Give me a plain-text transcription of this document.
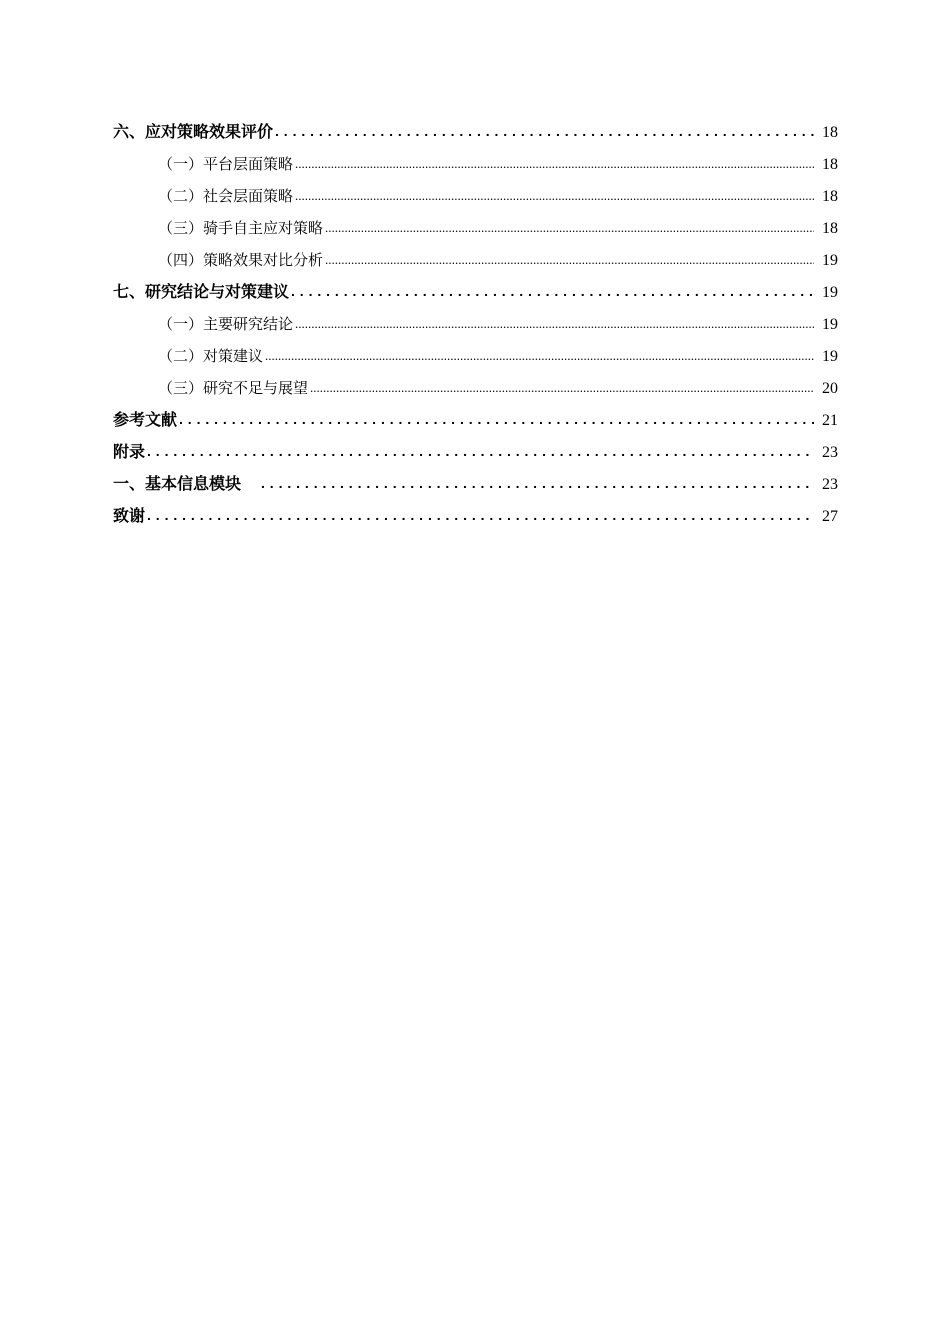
六、应对策略效果评价 . . .	18
（一）平台层面策略 .....	18
（二）社会层面策略 .....	18
（三）骑手自主应对策略 .....	18
（四）策略效果对比分析 .....	19
七、研究结论与对策建议 . . .	19
（一）主要研究结论 .....	19
（二）对策建议 .....	19
（三）研究不足与展望 .....	20
参考文献 . . .	21
附录 . . .	23
一、基本信息模块 . . .	23
致谢 . . .	27
